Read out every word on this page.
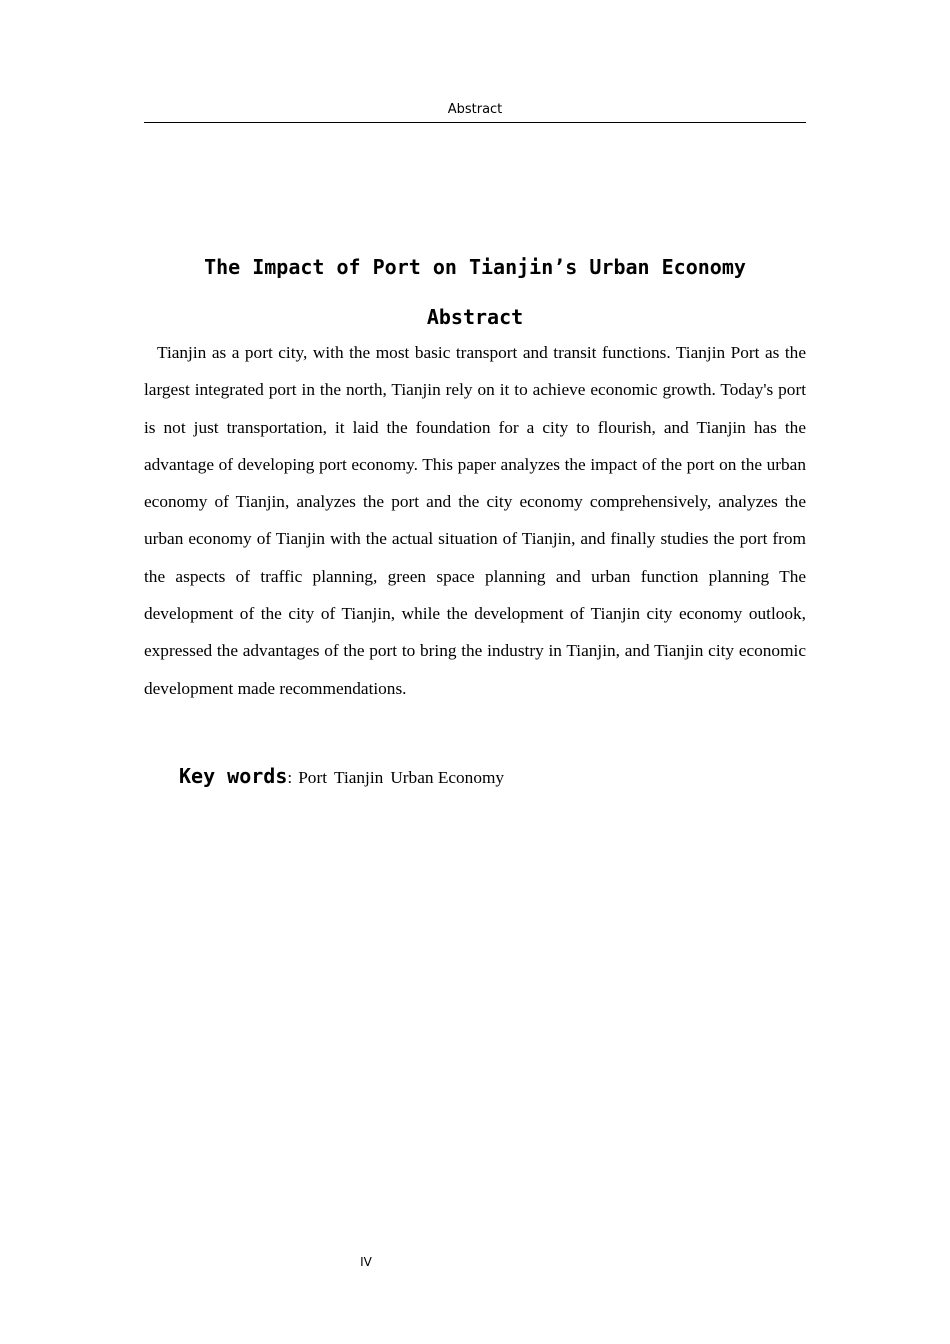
Abstract
The Impact of Port on Tianjin’s Urban Economy
Abstract

Tianjin as a port city, with the most basic transport and transit functions. Tianjin Port as the largest integrated port in the north, Tianjin rely on it to achieve economic growth. Today's port is not just transportation, it laid the foundation for a city to flourish, and Tianjin has the advantage of developing port economy. This paper analyzes the impact of the port on the urban economy of Tianjin, analyzes the port and the city economy comprehensively, analyzes the urban economy of Tianjin with the actual situation of Tianjin, and finally studies the port from the aspects of traffic planning, green space planning and urban function planning The development of the city of Tianjin, while the development of Tianjin city economy outlook, expressed the advantages of the port to bring the industry in Tianjin, and Tianjin city economic development made recommendations.

Key words: Port Tianjin Urban Economy
IV
